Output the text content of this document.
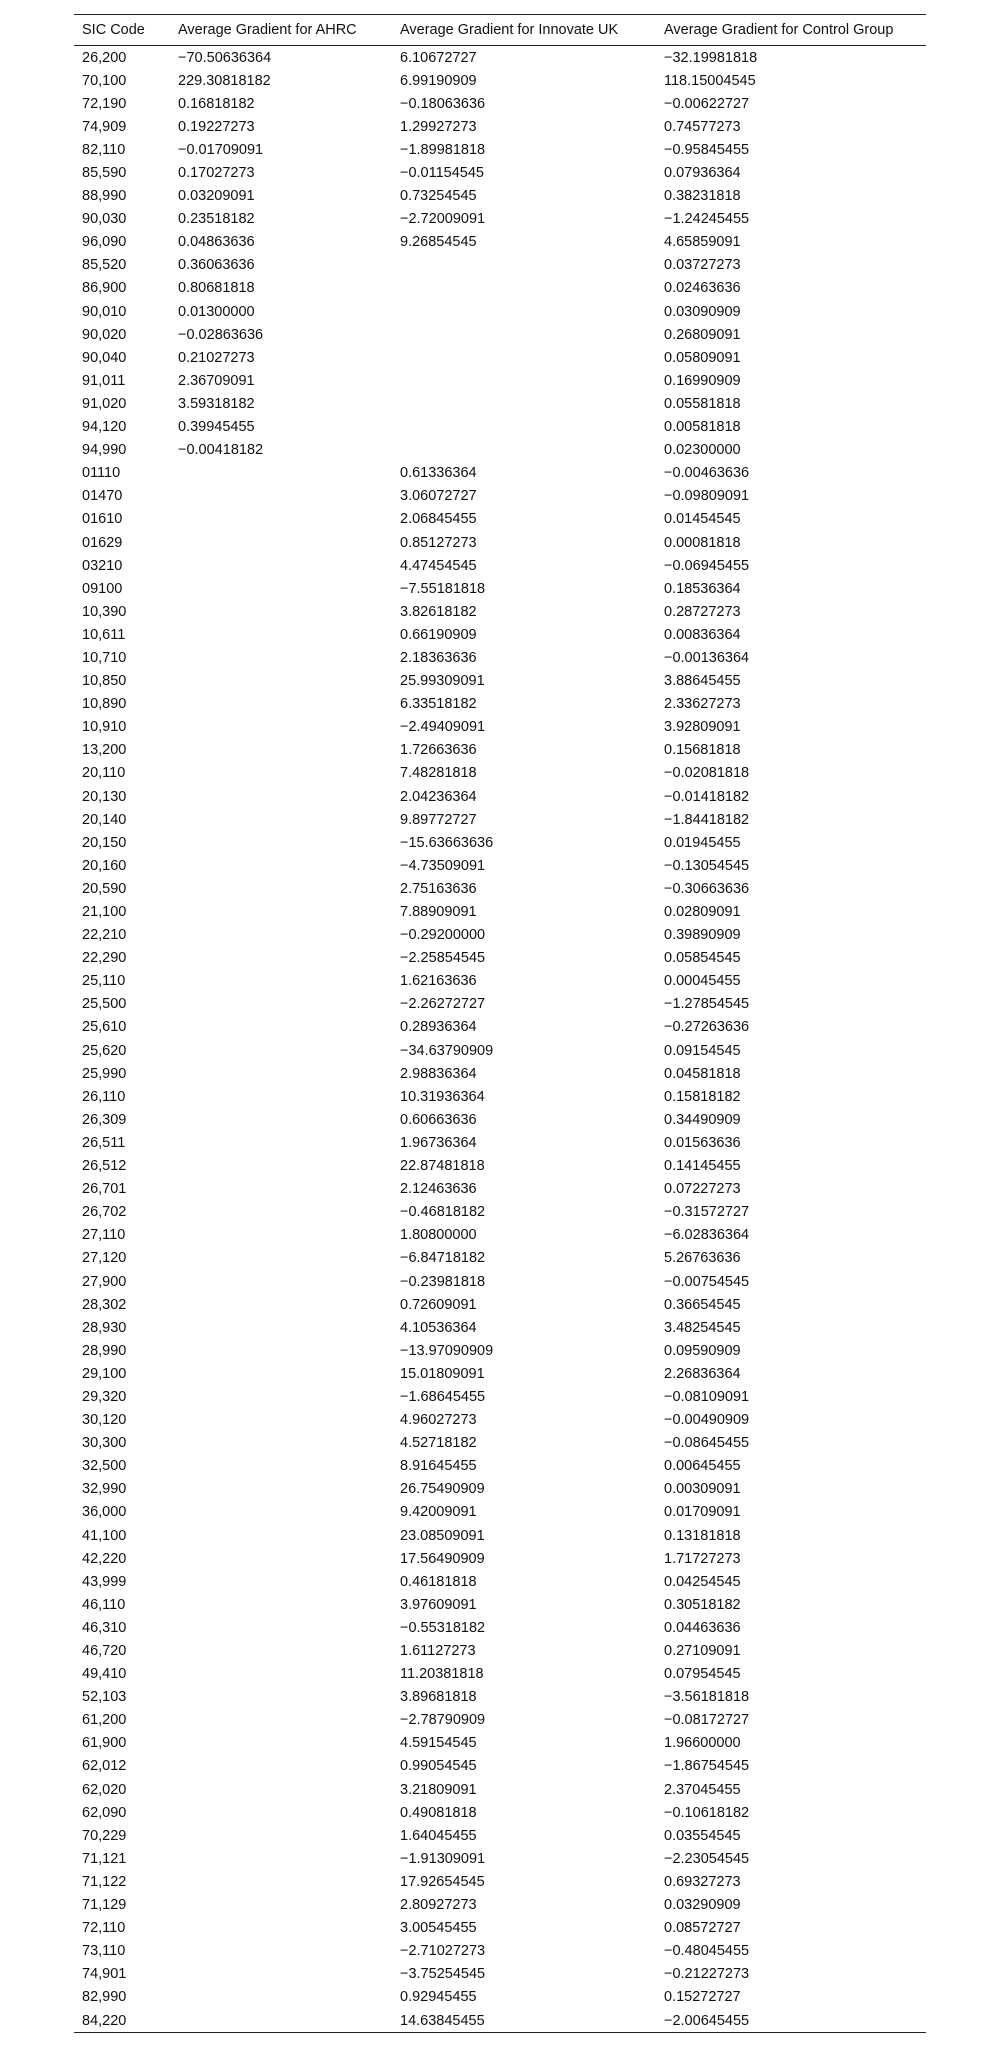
SIC Code	Average Gradient for AHRC	Average Gradient for Innovate UK	Average Gradient for Control Group
26,200	−70.50636364	6.10672727	−32.19981818
70,100	229.30818182	6.99190909	118.15004545
72,190	0.16818182	−0.18063636	−0.00622727
74,909	0.19227273	1.29927273	0.74577273
82,110	−0.01709091	−1.89981818	−0.95845455
85,590	0.17027273	−0.01154545	0.07936364
88,990	0.03209091	0.73254545	0.38231818
90,030	0.23518182	−2.72009091	−1.24245455
96,090	0.04863636	9.26854545	4.65859091
85,520	0.36063636		0.03727273
86,900	0.80681818		0.02463636
90,010	0.01300000		0.03090909
90,020	−0.02863636		0.26809091
90,040	0.21027273		0.05809091
91,011	2.36709091		0.16990909
91,020	3.59318182		0.05581818
94,120	0.39945455		0.00581818
94,990	−0.00418182		0.02300000
01110		0.61336364	−0.00463636
01470		3.06072727	−0.09809091
01610		2.06845455	0.01454545
01629		0.85127273	0.00081818
03210		4.47454545	−0.06945455
09100		−7.55181818	0.18536364
10,390		3.82618182	0.28727273
10,611		0.66190909	0.00836364
10,710		2.18363636	−0.00136364
10,850		25.99309091	3.88645455
10,890		6.33518182	2.33627273
10,910		−2.49409091	3.92809091
13,200		1.72663636	0.15681818
20,110		7.48281818	−0.02081818
20,130		2.04236364	−0.01418182
20,140		9.89772727	−1.84418182
20,150		−15.63663636	0.01945455
20,160		−4.73509091	−0.13054545
20,590		2.75163636	−0.30663636
21,100		7.88909091	0.02809091
22,210		−0.29200000	0.39890909
22,290		−2.25854545	0.05854545
25,110		1.62163636	0.00045455
25,500		−2.26272727	−1.27854545
25,610		0.28936364	−0.27263636
25,620		−34.63790909	0.09154545
25,990		2.98836364	0.04581818
26,110		10.31936364	0.15818182
26,309		0.60663636	0.34490909
26,511		1.96736364	0.01563636
26,512		22.87481818	0.14145455
26,701		2.12463636	0.07227273
26,702		−0.46818182	−0.31572727
27,110		1.80800000	−6.02836364
27,120		−6.84718182	5.26763636
27,900		−0.23981818	−0.00754545
28,302		0.72609091	0.36654545
28,930		4.10536364	3.48254545
28,990		−13.97090909	0.09590909
29,100		15.01809091	2.26836364
29,320		−1.68645455	−0.08109091
30,120		4.96027273	−0.00490909
30,300		4.52718182	−0.08645455
32,500		8.91645455	0.00645455
32,990		26.75490909	0.00309091
36,000		9.42009091	0.01709091
41,100		23.08509091	0.13181818
42,220		17.56490909	1.71727273
43,999		0.46181818	0.04254545
46,110		3.97609091	0.30518182
46,310		−0.55318182	0.04463636
46,720		1.61127273	0.27109091
49,410		11.20381818	0.07954545
52,103		3.89681818	−3.56181818
61,200		−2.78790909	−0.08172727
61,900		4.59154545	1.96600000
62,012		0.99054545	−1.86754545
62,020		3.21809091	2.37045455
62,090		0.49081818	−0.10618182
70,229		1.64045455	0.03554545
71,121		−1.91309091	−2.23054545
71,122		17.92654545	0.69327273
71,129		2.80927273	0.03290909
72,110		3.00545455	0.08572727
73,110		−2.71027273	−0.48045455
74,901		−3.75254545	−0.21227273
82,990		0.92945455	0.15272727
84,220		14.63845455	−2.00645455
